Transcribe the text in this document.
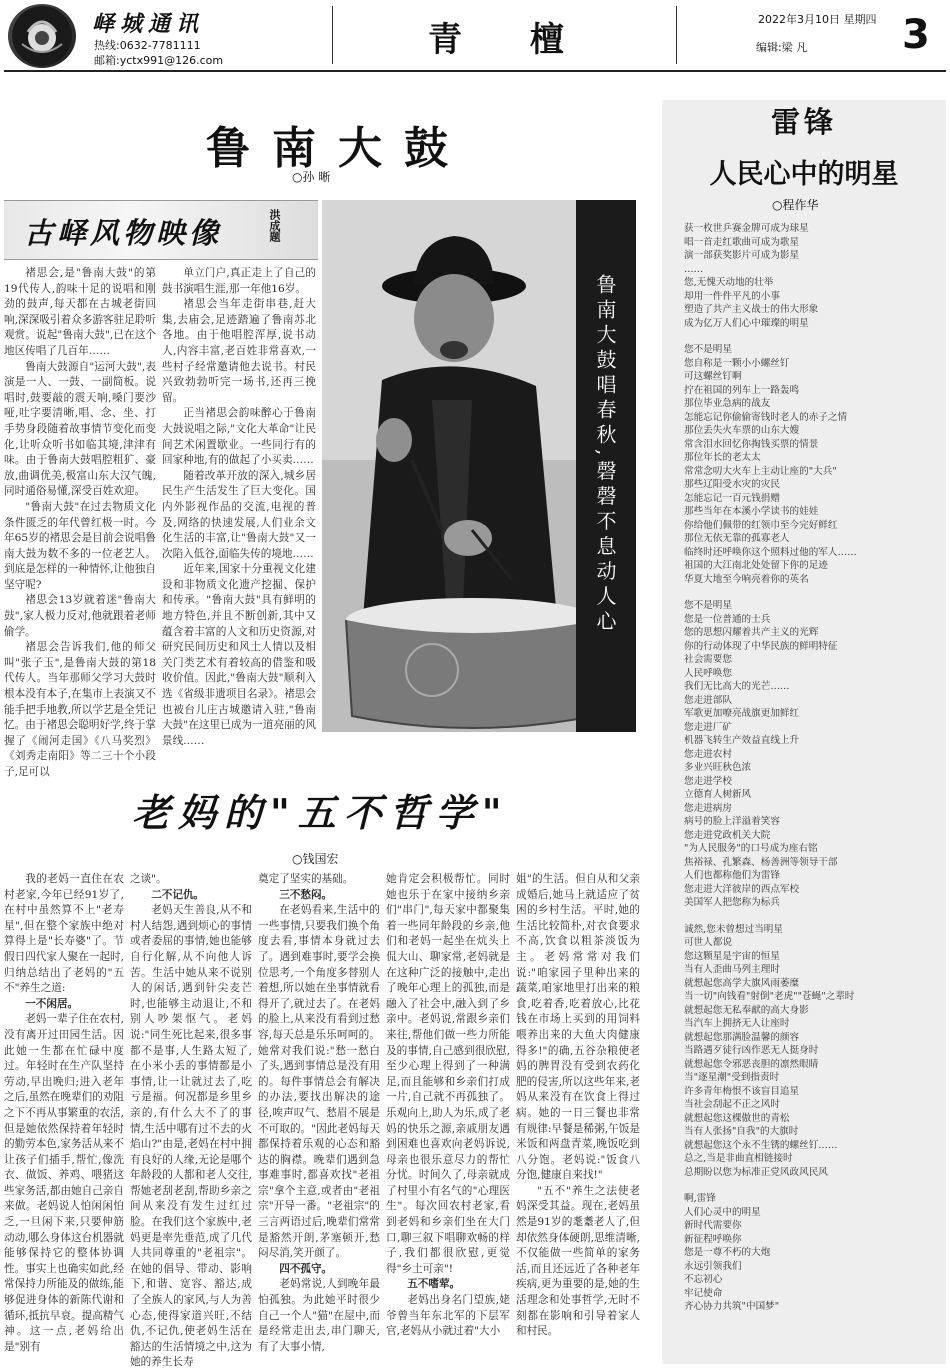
峄城通讯
热线:0632-7781111
邮箱:yctx991@126.com
青 檀
2022年3月10日 星期四
编辑:梁 凡 3
鲁南大鼓
○孙 晰
古峄风物映像	洪成题

褚思会,是"鲁南大鼓"的第19代传人,韵味十足的说唱和刚劲的鼓声,每天都在古城老街回响,深深吸引着众多游客驻足聆听观赏。说起"鲁南大鼓",已在这个地区传唱了几百年……

鲁南大鼓源自"运河大鼓",表演是一人、一鼓、一副简板。说唱时,鼓要敲的震天响,嗓门要沙哑,吐字要清晰,唱、念、坐、打手势身段随着故事情节变化而变化,让听众听书如临其境,津津有味。由于鲁南大鼓唱腔粗犷、豪放,曲调优美,极富山东大汉气魄,同时通俗易懂,深受百姓欢迎。

"鲁南大鼓"在过去物质文化条件匮乏的年代曾红极一时。今年65岁的褚思会是目前会说唱鲁南大鼓为数不多的一位老艺人。到底是怎样的一种情怀,让他独自坚守呢?

褚思会13岁就着迷"鲁南大鼓",家人极力反对,他就跟着老师偷学。

褚思会告诉我们,他的师父叫"张子玉",是鲁南大鼓的第18代传人。当年那师父学习大鼓时根本没有本子,在集市上表演又不能手把手地教,所以学艺是全凭记忆。由于褚思会聪明好学,终于掌握了《闹河走国》《八马奖烈》《刘秀走南阳》等二三十个小段子,足可以

单立门户,真正走上了自己的鼓书演唱生涯,那一年他16岁。

褚思会当年走街串巷,赶大集,去庙会,足迹踏遍了鲁南苏北各地。由于他唱腔浑厚,说书动人,内容丰富,老百姓非常喜欢,一些村子经常邀请他去说书。村民兴致勃勃听完一场书,还再三挽留。

正当褚思会韵味醉心于鲁南大鼓说唱之际,"文化大革命"让民间艺术闲置歇业。一些同行有的回家种地,有的做起了小买卖……

随着改革开放的深入,城乡居民生产生活发生了巨大变化。国内外影视作品的交流,电视的普及,网络的快速发展,人们业余文化生活的丰富,让"鲁南大鼓"又一次陷入低谷,面临失传的境地……

近年来,国家十分重视文化建设和非物质文化遗产挖掘、保护和传承。"鲁南大鼓"具有鲜明的地方特色,并且不断创新,其中又蕴含着丰富的人文和历史资源,对研究民间历史和风土人情以及相关门类艺术有着较高的借鉴和吸收价值。因此,"鲁南大鼓"顺利入选《省级非遗项目名录》。褚思会也被台儿庄古城邀请入驻,"鲁南大鼓"在这里已成为一道亮丽的风景线……

鲁南大鼓唱春秋,磬磬不息动人心
老妈的"五不哲学"
○钱国宏

我的老妈一直住在农村老家,今年已经91岁了,在村中虽然算不上"老寿星",但在整个家族中绝对算得上是"长寿婆"了。节假日四代家人聚在一起时,归纳总结出了老妈的"五不"养生之道:

一不闲居。

老妈一辈子住在农村,没有离开过田园生活。因此她一生都在忙碌中度过。年轻时在生产队坚持劳动,早出晚归;进入老年之后,虽然在晚辈们的劝阻之下不再从事繁重的农活,但是她依然保持着年轻时的勤劳本色,家务活从来不让孩子们插手,帮忙,像洗衣、做饭、养鸡、喂猪这些家务活,都由她自己亲自来做。老妈说人怕闲闲怕乏,一旦闲下来,只要伸筋动动,哪么身体这台机器就能够保持它的整体协调性。事实上也确实如此,经常保持力所能及的做练,能够促进身体的新陈代谢和循环,抵抗早衰。提高精气神。这一点,老妈给出是"别有

之谈"。

二不记仇。

老妈天生善良,从不和村人结怨,遇到烦心的事情或者委屈的事情,她也能够自行化解,从不向他人诉苦。生活中她从来不说别人的闲话,遇到针尖麦芒时,也能够主动退让,不和别人吵架怄气。老妈说:"同生死比起来,很多事都不是事,人生路太短了,在小米小丢的事情都是小事情,让一让就过去了,吃亏是福。何况都是乡里乡亲的,有什么大不了的事情,生活中哪有过不去的火焰山?"由是,老妈在村中拥有良好的人缘,无论是哪个年龄段的人都和老人交往,帮她老刮老刮,帮助乡亲之间从来没有发生过红过脸。在我们这个家族中,老妈更是率先垂范,成了几代人共同尊重的"老祖宗"。在她的倡导、带动、影响下,和谐、宽容、豁达,成了全族人的家风,与人为善心态,使得家道兴旺,不结仇,不记仇,使老妈生活在豁达的生活情境之中,这为她的养生长寿

奠定了坚实的基础。

三不愁闷。

在老妈看来,生活中的一些事情,只要我们换个角度去看,事情本身就过去了。遇到难事时,要学会换位思考,一个角度多替别人着想,所以她在坐事情就看得开了,就过去了。在老妈的脸上,从来没有看到过愁容,每天总是乐乐呵呵的。她常对我们说:"愁一愁白了头,遇到事情总是没有用的。每件事情总会有解决的办法,要找出解决的途径,唉声叹气、愁眉不展是不可取的。"因此老妈每天都保持着乐观的心态和豁达的胸襟。晚辈们遇到急事难事时,都喜欢找"老祖宗"拿个主意,或者由"老祖宗"开导一番。"老祖宗"的三言两语过后,晚辈们常常是豁然开朗,茅塞顿开,愁闷尽消,笑开颜了。

四不孤守。

老妈常说,人到晚年最怕孤独。为此她平时很少自己一个人"猫"在屋中,而是经常走出去,串门聊天,有了大事小情,

她肯定会积极帮忙。同时她也乐于在家中接纳乡亲们"串门",每天家中都聚集着一些同年龄段的乡亲,他们和老妈一起坐在炕头上侃大山、聊家常,老妈就是在这种广泛的接触中,走出了晚年心理上的孤独,而是融入了社会中,融入到了乡亲中。老妈说,常跟乡亲们来往,帮他们做一些力所能及的事情,自己感到很欣慰,至少心理上得到了一种满足,而且能够和乡亲们打成一片,自己就不再孤独了。乐观向上,助人为乐,成了老妈的快乐之源,亲戚朋友遇到困难也喜欢向老妈诉说,母亲也很乐意尽力的帮忙分忧。时间久了,母亲就成了村里小有名气的"心理医生"。每次回农村老家,看到老妈和乡亲们坐在大门口,聊三叙下唱聊欢畅的样子,我们都很欣慰,更觉得"乡土可亲"!

五不嗜荤。

老妈出身名门望族,姥爷曾当年东北军的下层军官,老妈从小就过着"大小

姐"的生活。但自从和父亲成婚后,她马上就适应了贫困的乡村生活。平时,她的生活比较简朴,对衣食要求不高,饮食以粗茶淡饭为主。老妈常常对我们说:"咱家园子里种出来的蔬菜,咱家地里打出来的粮食,吃着香,吃着放心,比花钱在市场上买到的用饲料喂养出来的大鱼大肉健康得多!"的确,五谷杂粮使老妈的脾胃没有受到农药化肥的侵害,所以这些年来,老妈从来没有在饮食上得过病。她的一日三餐也非常有规律:早餐是稀粥,午饭是米饭和两盘青菜,晚饭吃到八分饱。老妈说:"饭食八分饱,健康自来找!"

"五不"养生之法使老妈深受其益。现在,老妈虽然是91岁的耄耋老人了,但却依然身体硬朗,思维清晰,不仅能做一些简单的家务活,而且还远近了各种老年疾病,更为重要的是,她的生活理念和处事哲学,无时不刻都在影响和引导着家人和村民。

雷锋
人民心中的明星
○程作华
获一枚世乒赛金牌可成为球星
唱一首走红歌曲可成为歌星
演一部获奖影片可成为影星
……
您,无愧天动地的壮举
却用一件件平凡的小事
塑造了共产主义战士的伟大形象
成为亿万人们心中璀璨的明星
您不是明星
您自称是一颗小小螺丝钉
可这螺丝钉啊
拧在祖国的列车上一路轰鸣
那位毕业急病的战友
怎能忘记你偷偷寄钱时老人的赤子之情
那位丢失火车票的山东大嫂
常含泪水回忆你掏钱买票的情景
那位年长的老太太
常常念叨大火车上主动让座的"大兵"
那些辽阳受水灾的灾民
怎能忘记一百元钱捐赠
那些当年在本溪小学读书的娃娃
你给他们佩带的红领巾至今完好鲜红
那位无依无靠的孤寡老人
临终时还呼唤你这个照料过他的军人……
祖国的大江南北处处留下你的足迹
华夏大地至今响亮着你的英名
您不是明星
您是一位普通的士兵
您的思想闪耀着共产主义的光辉
你的行动体现了中华民族的鲜明特征
社会需要您
人民呼唤您
我们无比高大的光芒……
您走进部队
军歌更加嘹亮战旗更加鲜红
您走进厂矿
机器飞转生产效益直线上升
您走进农村
多业兴旺秋色浓
您走进学校
立德育人树新风
您走进病房
病号的脸上洋溢着笑容
您走进党政机关大院
"为人民服务"的口号成为座右铭
焦裕禄、孔繁森、杨善洲等领导干部
人们也都称他们为雷锋
您走进大洋彼岸的西点军校
美国军人把您称为标兵
诚然,您未曾想过当明星
可世人都说
您这颗星是宇宙的恒星
当有人歪曲马列主理时
就想起您高学大旗风雨萎糜
当一切"向钱看"射倒"老虎""苍蝇"之辈时
就想起您无私奉献的高大身影
当汽车上拥挤无人让座时
就想起您那满脸温馨的颜容
当路遇歹徒行凶作恶无人挺身时
就想起您令邪恶丧胆的凛然眼睛
当"逐星潮"受到指责时
许多青年梅恨不该盲目追星
当社会刮起不正之风时
就想起您这棵傲世的青松
当有人张扬"自我"的大旗时
就想起您这个永不生锈的螺丝钉……
总之,当是非曲直相链接时
总期盼以您为标准正党风政风民风
啊,雷锋
人们心灵中的明星
新时代需要你
新征程呼唤你
您是一尊不朽的大炮
永远引领我们
不忘初心
牢记使命
齐心协力共筑"中国梦"
